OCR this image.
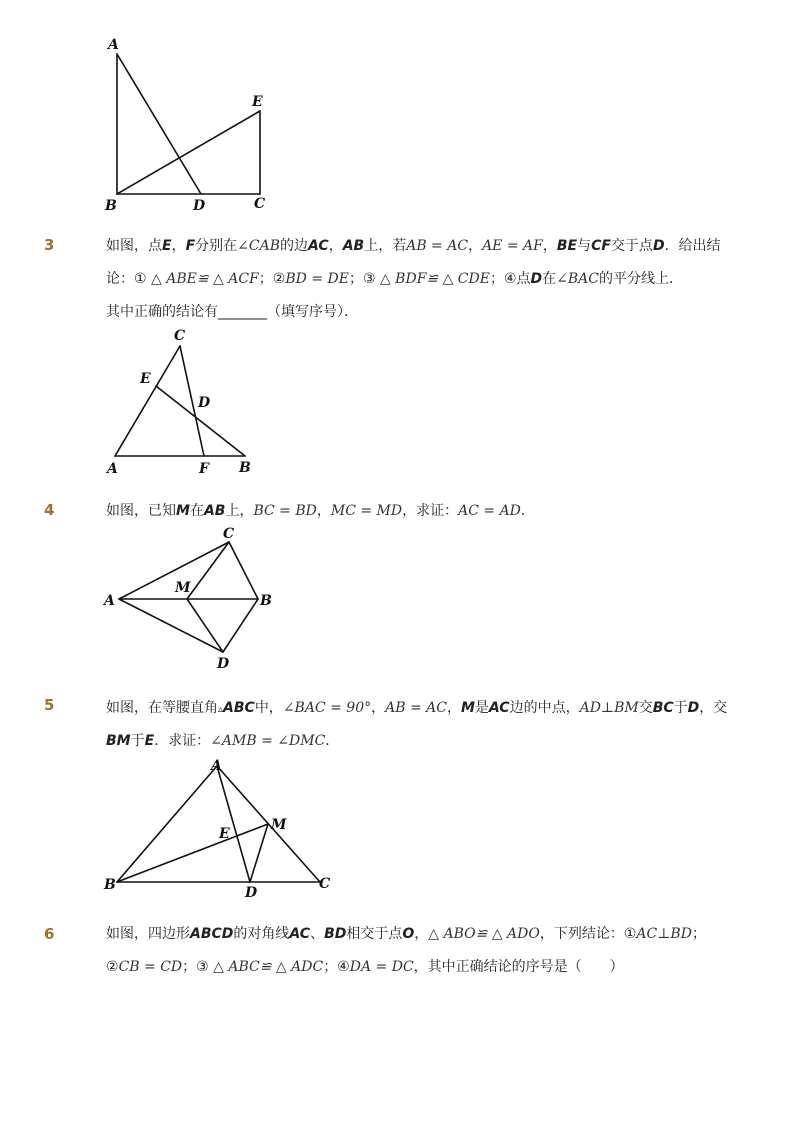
A
E
B	D	C
3	如图，点E，F分别在∠CAB的边AC，AB上，若AB = AC，AE = AF，BE与CF交于点D．给出结
论：① △ ABE≌ △ ACF；②BD = DE；③ △ BDF≌ △ CDE；④点D在∠BAC的平分线上．
其中正确的结论有_______（填写序号）．
C
E
D
A	F B
4	如图，已知M在AB上，BC = BD，MC = MD，求证：AC = AD．
C
M
A	B
D
5	如图，在等腰直角▵ABC中，∠BAC = 90°，AB = AC，M是AC边的中点，AD⊥BM交BC于D，交
BM于E．求证：∠AMB = ∠DMC．
A
M
E
B	D
C
6	如图，四边形ABCD的对角线AC、BD相交于点O，△ ABO≌ △ ADO，下列结论：①AC⊥BD；
②CB = CD；③ △ ABC≌ △ ADC；④DA = DC，其中正确结论的序号是（　　）
